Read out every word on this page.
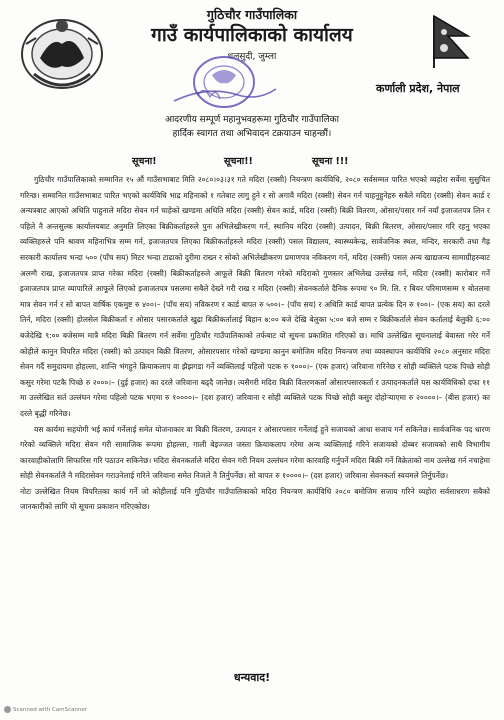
गुठिचौर गाउँपालिका
गाउँ कार्यपालिकाको कार्यालय
धलसुदी, जुम्ला
कर्णाली प्रदेश, नेपाल
आदरणीय सम्पूर्ण महानुभवहरूमा गुठिचौर गाउँपालिका
हार्दिक स्वागत तथा अभिवादन टक्रयाउन चाहन्छौं।
सूचना!	सूचना!!	सूचना !!!

गुठिचौर गाउँपालिकाको सम्मानित १५ औं गाउँसभाबाट मिति २०८०।०३।३१ गते मदिरा (रक्सी) नियन्त्रण कार्यविधि, २०८० सर्वसम्मत पारित भएको व्यहोरा सर्वेमा सुसुचित गरिन्छ। सम्मानित गाउँसभाबाट पारित भएको कार्यविधि भाद्र महिनाको १ गतेबाट लागु हुने र सो अगावै मदिरा (रक्सी) सेवन गर्न चाहनुहुनेहरु सबैले मदिरा (रक्सी) सेवन कार्ड र अन्यत्रबाट आएको अथिति पाहुनाले मदिरा सेवन गर्न चाहेको खण्डमा अथिति मदिरा (रक्सी) सेवन कार्ड, मदिरा (रक्सी) बिक्री वितरण, ओसार/पसार गर्न नयाँ इजाजतपत्र लिन र पहिले नै अन्तसुल्क कार्यालयबाट अनुमति लिएका बिक्रीकर्ताहरुले पुनः अभिलेखीकरण गर्न, स्थानिय मदिरा (रक्सी) उत्पादन, बिक्री बितरण, ओसार/पसार गरि रहनु भएका व्यक्तिहरुले पनि श्रावण महिनाभित्र सम्म गर्न, इजाजतपत्र लिएका बिक्रीकर्ताहरुले मदिरा (रक्सी) पसल विद्यालय, स्वास्थ्यकेन्द्र, सार्वजनिक स्थल, मन्दिर, सरकारी तथा गैह्र सरकारी कार्यालय भन्दा ५०० (पाँच सय) मिटर भन्दा टाढाको दुरीमा राख्न र सोको अभिलेखीकरण प्रमाणपत्र नविकरण गर्न, मदिरा (रक्सी) पसल अन्य खाद्यजन्य सामाग्रीहरुबाट अलग्गै राख, इजाजतपत्र प्राप्त गरेका मदिरा (रक्सी) बिक्रीकर्ताहरुले आफूले बिक्री बितरण गरेको मदिराको गुणस्तर अभिलेख उल्लेख गर्न, मदिरा (रक्सी) कारोबार गर्ने इजाजतपत्र प्राप्त व्यापारिले आफूले लिएको इजाजतपत्र पसलमा सबैले देख्ने गरी राख र मदिरा (रक्सी) सेवनकर्ताले दैनिक रूपमा ९० मि. लि. र बियर परिमाणसम्म १ बोतलमा मात्र सेवन गर्न र सो बापत वार्षिक एकमुष्ट रु ४००।– (पाँच सय) नविकरण र कार्ड बापत रु ५००।– (पाँच सय) र अथिति कार्ड बापत प्रत्येक दिन रु १००।– (एक सय) का दरले तिर्न, मदिरा (रक्सी) होलसेल बिक्रीकर्ता र ओसार पसारकर्ताले खुद्रा बिक्रीकर्तालाई बिहान ७:०० बजे देखि बेलुका ५:०० बजे सम्म र बिक्रीकर्ताले सेवन कर्तालाई बेलुकी ६:०० बजेदेखि ९:०० बजेसम्म मात्रै मदिरा बिक्री बितरण गर्न सर्वेमा गुठिचौर गाउँपालिकाको तर्फबाट यो सूचना प्रकाशित गरिएको छ। माथि उल्लेखित सूचनालाई बेवास्ता गरेर गर्ने कोहीले कानुन विपरित मदिरा (रक्सी) को उत्पादन बिक्री वितरण, ओसारपसार गरेको खण्डमा कानुन बमोजिम मदिरा नियन्त्रण तथा व्यवस्थापन कार्यविधि २०८० अनुसार मदिरा सेवन गर्दै समुदायमा होहल्ला, शान्ति भंगहुने क्रियाकलाप वा झैझगडा गर्ने व्यक्तिलाई पहिलो पटक रु १०००।– (एक हजार) जरिवाना गरिनेछ र सोही व्यक्तिले पटक पिच्छे सोही कसुर गरेमा पटकै पिच्छे रु २०००।– (दुई हजार) का दरले जरिवाना बढ्दै जानेछ। त्यसैगरी मदिरा बिक्री वितरणकर्ता ओसारपसारकर्ता र उत्पादनकर्ताले यस कार्यविधिको दफा ११ मा उल्लेखित सर्त उल्लंघन गरेमा पहिलो पटक भएमा रु १००००।– (दश हजार) जरिवाना र सोही व्यक्तिले पटक पिच्छे सोही कसुर दोहोर्‍याएमा रु २००००।– (बीस हजार) का दरले बृद्धी गरिनेछ।

यस कार्यमा सहयोगी भई कार्य गर्नेलाई समेत योजनाकार वा बिक्री वितरण, उत्पादन र ओसारपसार गर्नेलाई हुने सजायको आधा सजाय गर्न सकिनेछ। सार्वजनिक पद धारण गरेको व्यक्तिले मदिरा सेवन गरी सामाजिक रूपमा होहल्ला, गाली बेइज्जत जस्ता क्रियाकलाप गरेमा अन्य व्यक्तिलाई गरिने सजायको दोब्बर सजायको साथै विभागीय कारवाहीकोलागि सिफारिस गरि पठाउन सकिनेछ। मदिरा सेवनकर्ताले मदिरा सेवन गरी नियम उल्लंघन गरेमा कारवाहि गर्नुपर्ने मदिरा बिक्री गर्ने विक्रेताको नाम उल्लेख गर्न नचाहेमा सोही सेवनकर्तालै नै मदिरासेवन गराउनेलाई गरिने जरिवाना समेत निजले नै तिर्नुपर्नेछ। सो बापत रु १००००।– (दश हजार) जरिवाना सेवनकर्ता स्वयमले तिर्नुपर्नेछ।

नोटः उल्लेखित नियम विपरितका कार्य गर्ने जो कोहीलाई पनि गुठिचौर गाउँपालिकाको मदिरा नियन्त्रण कार्यविधि २०८० बमोजिम सजाय गरिने व्यहोरा सर्वसाधरण सबैको जानकारीको लागि यो सूचना प्रकाशन गरिएकोछ।

धन्यवाद!
Scanned with CamScanner
